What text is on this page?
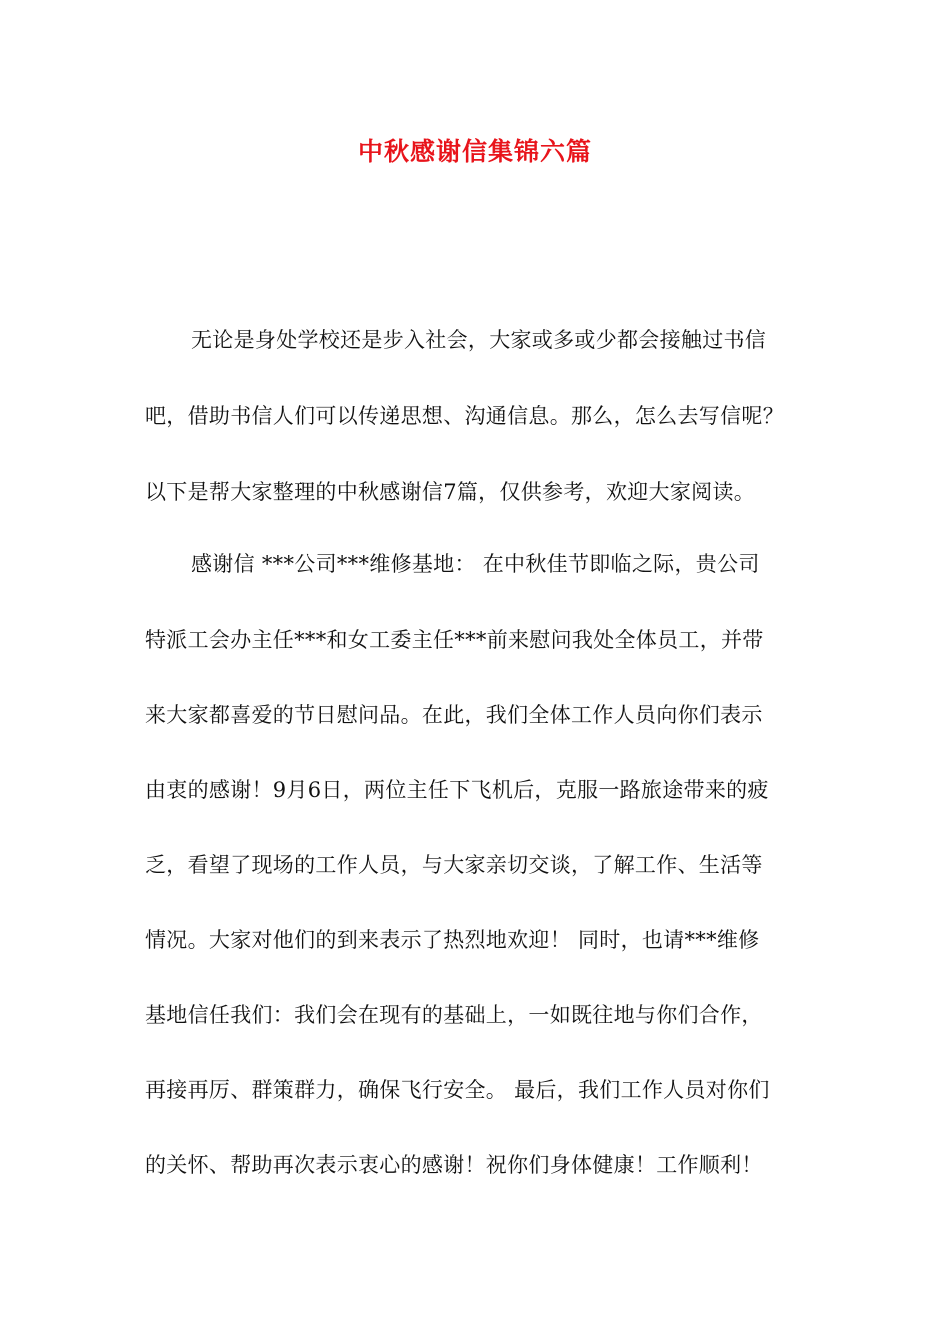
中秋感谢信集锦六篇
无论是身处学校还是步入社会，大家或多或少都会接触过书信
吧，借助书信人们可以传递思想、沟通信息。那么，怎么去写信呢？
以下是帮大家整理的中秋感谢信7篇，仅供参考，欢迎大家阅读。
感谢信 ***公司***维修基地： 在中秋佳节即临之际，贵公司
特派工会办主任***和女工委主任***前来慰问我处全体员工，并带
来大家都喜爱的节日慰问品。在此，我们全体工作人员向你们表示
由衷的感谢！9月6日，两位主任下飞机后，克服一路旅途带来的疲
乏，看望了现场的工作人员，与大家亲切交谈，了解工作、生活等
情况。大家对他们的到来表示了热烈地欢迎！ 同时，也请***维修
基地信任我们：我们会在现有的基础上，一如既往地与你们合作，
再接再厉、群策群力，确保飞行安全。 最后，我们工作人员对你们
的关怀、帮助再次表示衷心的感谢！祝你们身体健康！工作顺利！
